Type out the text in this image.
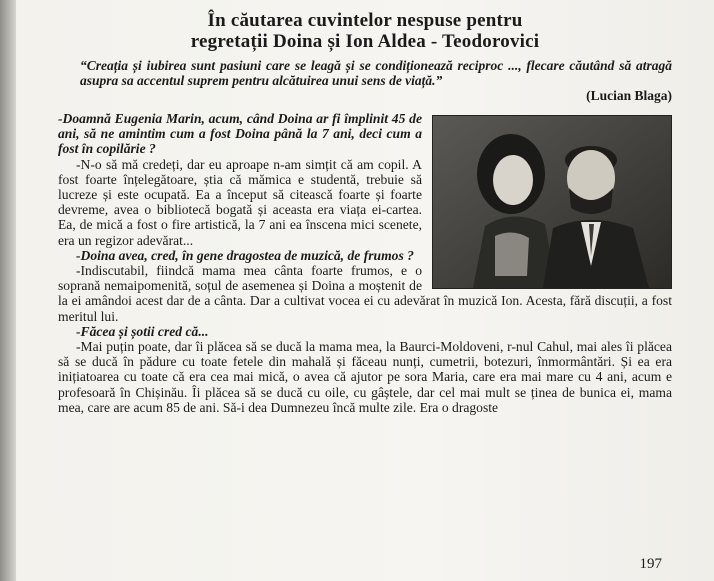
În căutarea cuvintelor nespuse pentru
regretații Doina și Ion Aldea - Teodorovici
“Creația și iubirea sunt pasiuni care se leagă și se condiționează reciproc ..., flecare căutând să atragă asupra sa accentul suprem pentru alcătuirea unui sens de viață.”
(Lucian Blaga)

-Doamnă Eugenia Marin, acum, când Doina ar fi împlinit 45 de ani, să ne amintim cum a fost Doina până la 7 ani, deci cum a fost în copilărie ?

-N-o să mă credeți, dar eu aproape n-am simțit că am copil. A fost foarte înțelegătoare, știa că mămica e studentă, trebuie să lucreze și este ocupată. Ea a început să citească foarte și foarte devreme, avea o bibliotecă bogată și aceasta era viața ei-cartea. Ea, de mică a fost o fire artistică, la 7 ani ea înscena mici scenete, era un regizor adevărat...

-Doina avea, cred, în gene dragostea de muzică, de frumos ?

-Indiscutabil, fiindcă mama mea cânta foarte frumos, e o soprană nemaipomenită, soțul de asemenea și Doina a moștenit de la ei amândoi acest dar de a cânta. Dar a cultivat vocea ei cu adevărat în muzică Ion. Acesta, fără discuții, a fost meritul lui.

-Făcea și șotii cred că...

-Mai puțin poate, dar îi plăcea să se ducă la mama mea, la Baurci-Moldoveni, r-nul Cahul, mai ales îi plăcea să se ducă în pădure cu toate fetele din mahală și făceau nunți, cumetrii, botezuri, înmormântări. Și ea era inițiatoarea cu toate că era cea mai mică, o avea că ajutor pe sora Maria, care era mai mare cu 4 ani, acum e profesoară în Chișinău. Îi plăcea să se ducă cu oile, cu gâștele, dar cel mai mult se ținea de bunica ei, mama mea, care are acum 85 de ani. Să-i dea Dumnezeu încă multe zile. Era o dragoste

197
